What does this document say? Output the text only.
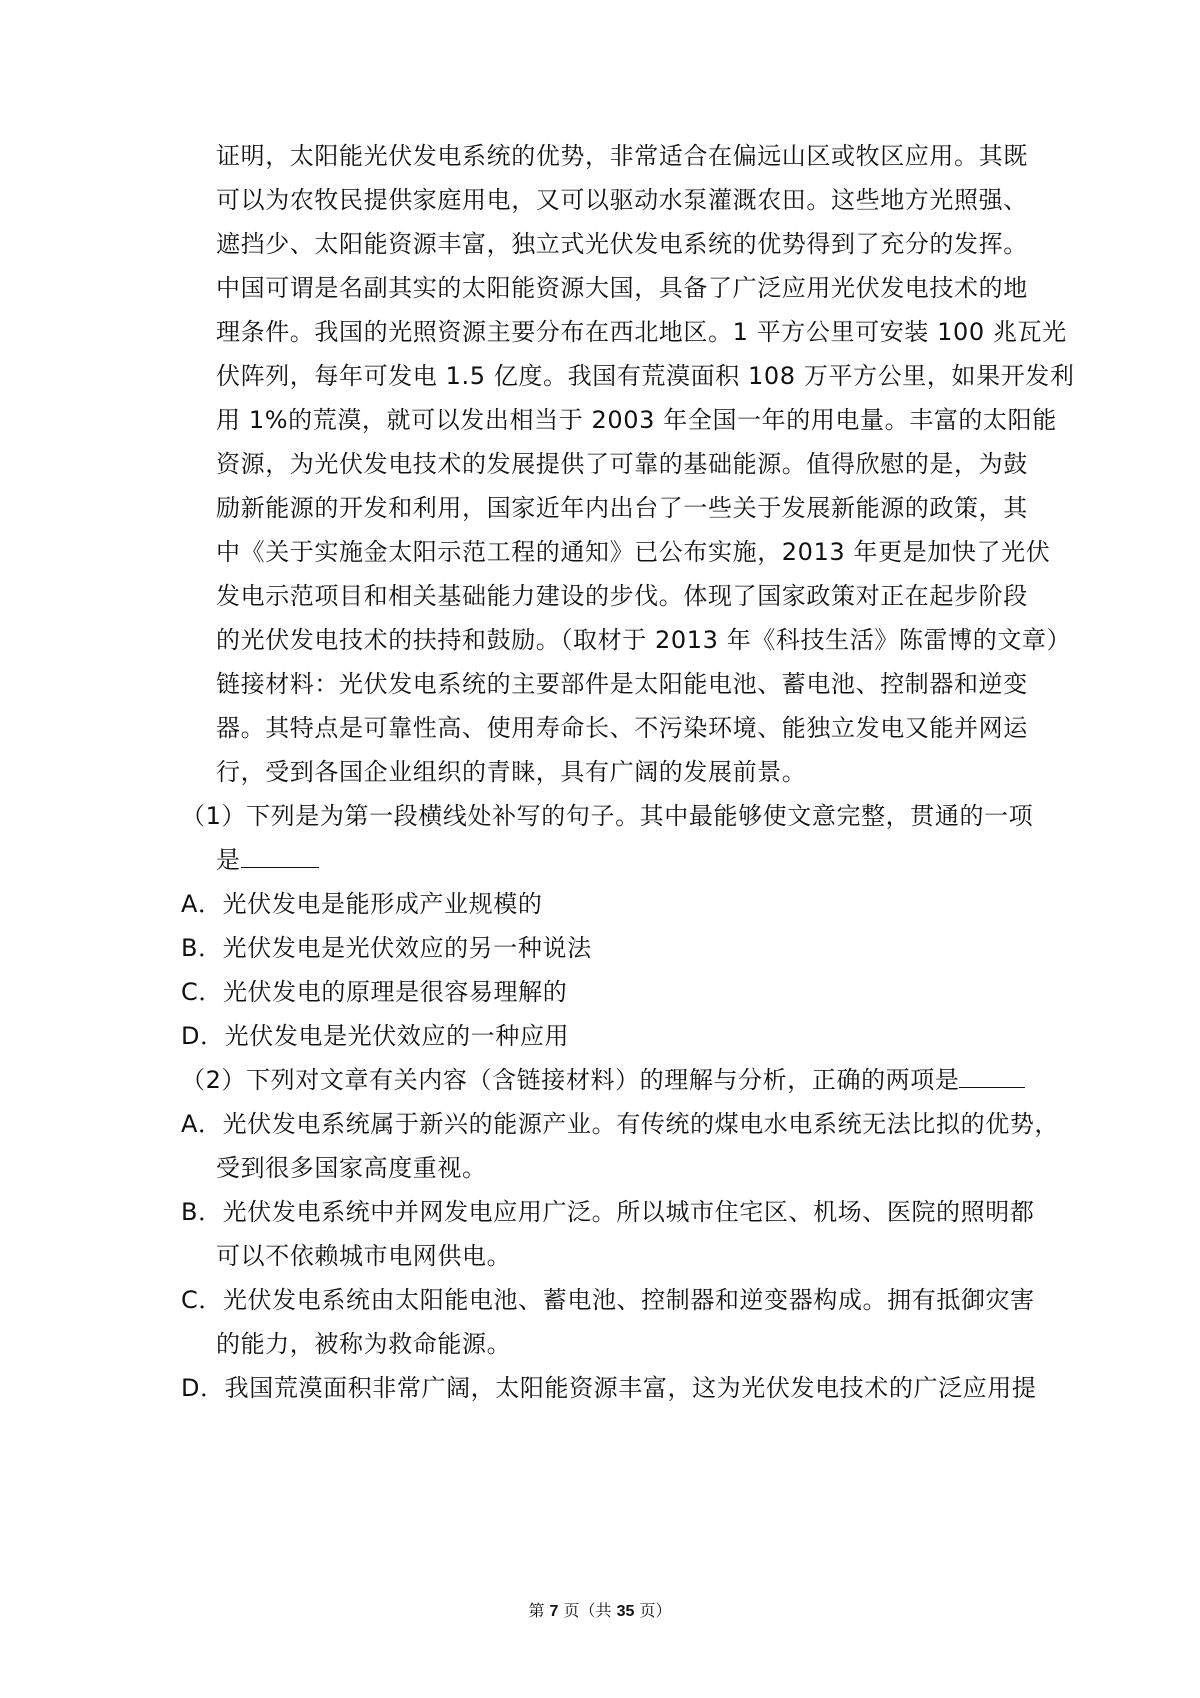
证明，太阳能光伏发电系统的优势，非常适合在偏远山区或牧区应用。其既
可以为农牧民提供家庭用电，又可以驱动水泵灌溉农田。这些地方光照强、
遮挡少、太阳能资源丰富，独立式光伏发电系统的优势得到了充分的发挥。
中国可谓是名副其实的太阳能资源大国，具备了广泛应用光伏发电技术的地
理条件。我国的光照资源主要分布在西北地区。1 平方公里可安装 100 兆瓦光
伏阵列，每年可发电 1.5 亿度。我国有荒漠面积 108 万平方公里，如果开发利
用 1%的荒漠，就可以发出相当于 2003 年全国一年的用电量。丰富的太阳能
资源，为光伏发电技术的发展提供了可靠的基础能源。值得欣慰的是，为鼓
励新能源的开发和利用，国家近年内出台了一些关于发展新能源的政策，其
中《关于实施金太阳示范工程的通知》已公布实施，2013 年更是加快了光伏
发电示范项目和相关基础能力建设的步伐。体现了国家政策对正在起步阶段
的光伏发电技术的扶持和鼓励。（取材于 2013 年《科技生活》陈雷博的文章）
链接材料：光伏发电系统的主要部件是太阳能电池、蓄电池、控制器和逆变
器。其特点是可靠性高、使用寿命长、不污染环境、能独立发电又能并网运
行，受到各国企业组织的青睐，具有广阔的发展前景。
（1）下列是为第一段横线处补写的句子。其中最能够使文意完整，贯通的一项
是
A．光伏发电是能形成产业规模的
B．光伏发电是光伏效应的另一种说法
C．光伏发电的原理是很容易理解的
D．光伏发电是光伏效应的一种应用
（2）下列对文章有关内容（含链接材料）的理解与分析，正确的两项是
A．光伏发电系统属于新兴的能源产业。有传统的煤电水电系统无法比拟的优势，
受到很多国家高度重视。
B．光伏发电系统中并网发电应用广泛。所以城市住宅区、机场、医院的照明都
可以不依赖城市电网供电。
C．光伏发电系统由太阳能电池、蓄电池、控制器和逆变器构成。拥有抵御灾害
的能力，被称为救命能源。
D．我国荒漠面积非常广阔，太阳能资源丰富，这为光伏发电技术的广泛应用提
第 7 页（共 35 页）
